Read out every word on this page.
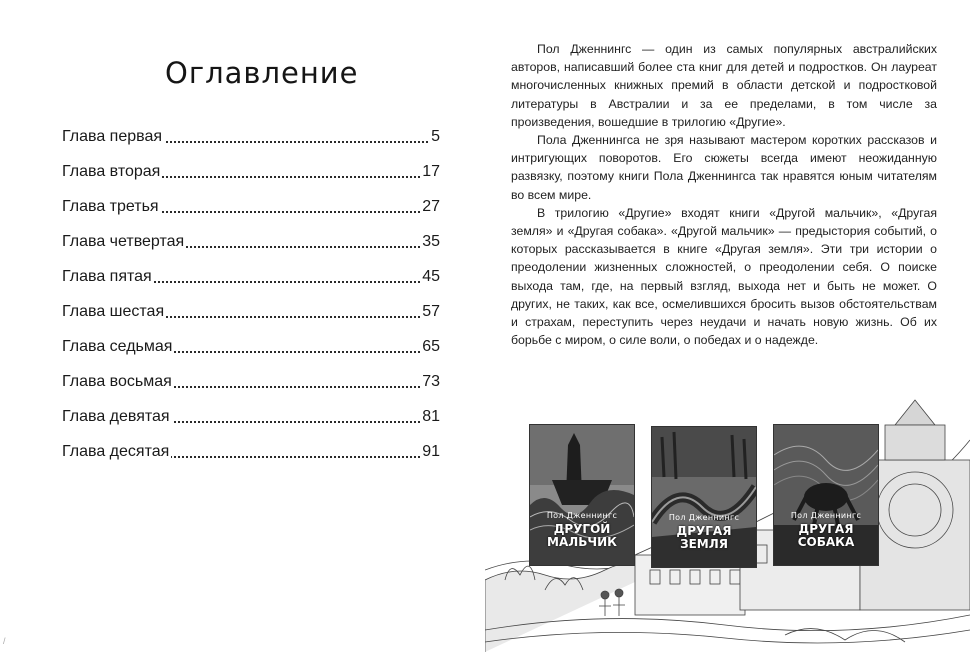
Оглавление
Глава первая	5
Глава вторая	17
Глава третья	27
Глава четвертая	35
Глава пятая	45
Глава шестая	57
Глава седьмая	65
Глава восьмая	73
Глава девятая	81
Глава десятая	91
/

Пол Дженнингс — один из самых популярных австралийских авторов, написавший более ста книг для детей и подростков. Он лауреат многочисленных книжных премий в области детской и подростковой литературы в Австралии и за ее пределами, в том числе за произведения, вошедшие в трилогию «Другие».

Пола Дженнингса не зря называют мастером коротких рассказов и интригующих поворотов. Его сюжеты всегда имеют неожиданную развязку, поэтому книги Пола Дженнингса так нравятся юным читателям во всем мире.

В трилогию «Другие» входят книги «Другой мальчик», «Другая земля» и «Другая собака». «Другой мальчик» — предыстория событий, о которых рассказывается в книге «Другая земля». Эти три истории о преодолении жизненных сложностей, о преодолении себя. О поиске выхода там, где, на первый взгляд, выхода нет и быть не может. О других, не таких, как все, осмелившихся бросить вызов обстоятельствам и страхам, переступить через неудачи и начать новую жизнь. Об их борьбе с миром, о силе воли, о победах и о надежде.

Пол Дженнингс
ДРУГОЙ МАЛЬЧИК
Пол Дженнингс
ДРУГАЯ ЗЕМЛЯ
Пол Дженнингс
ДРУГАЯ СОБАКА
